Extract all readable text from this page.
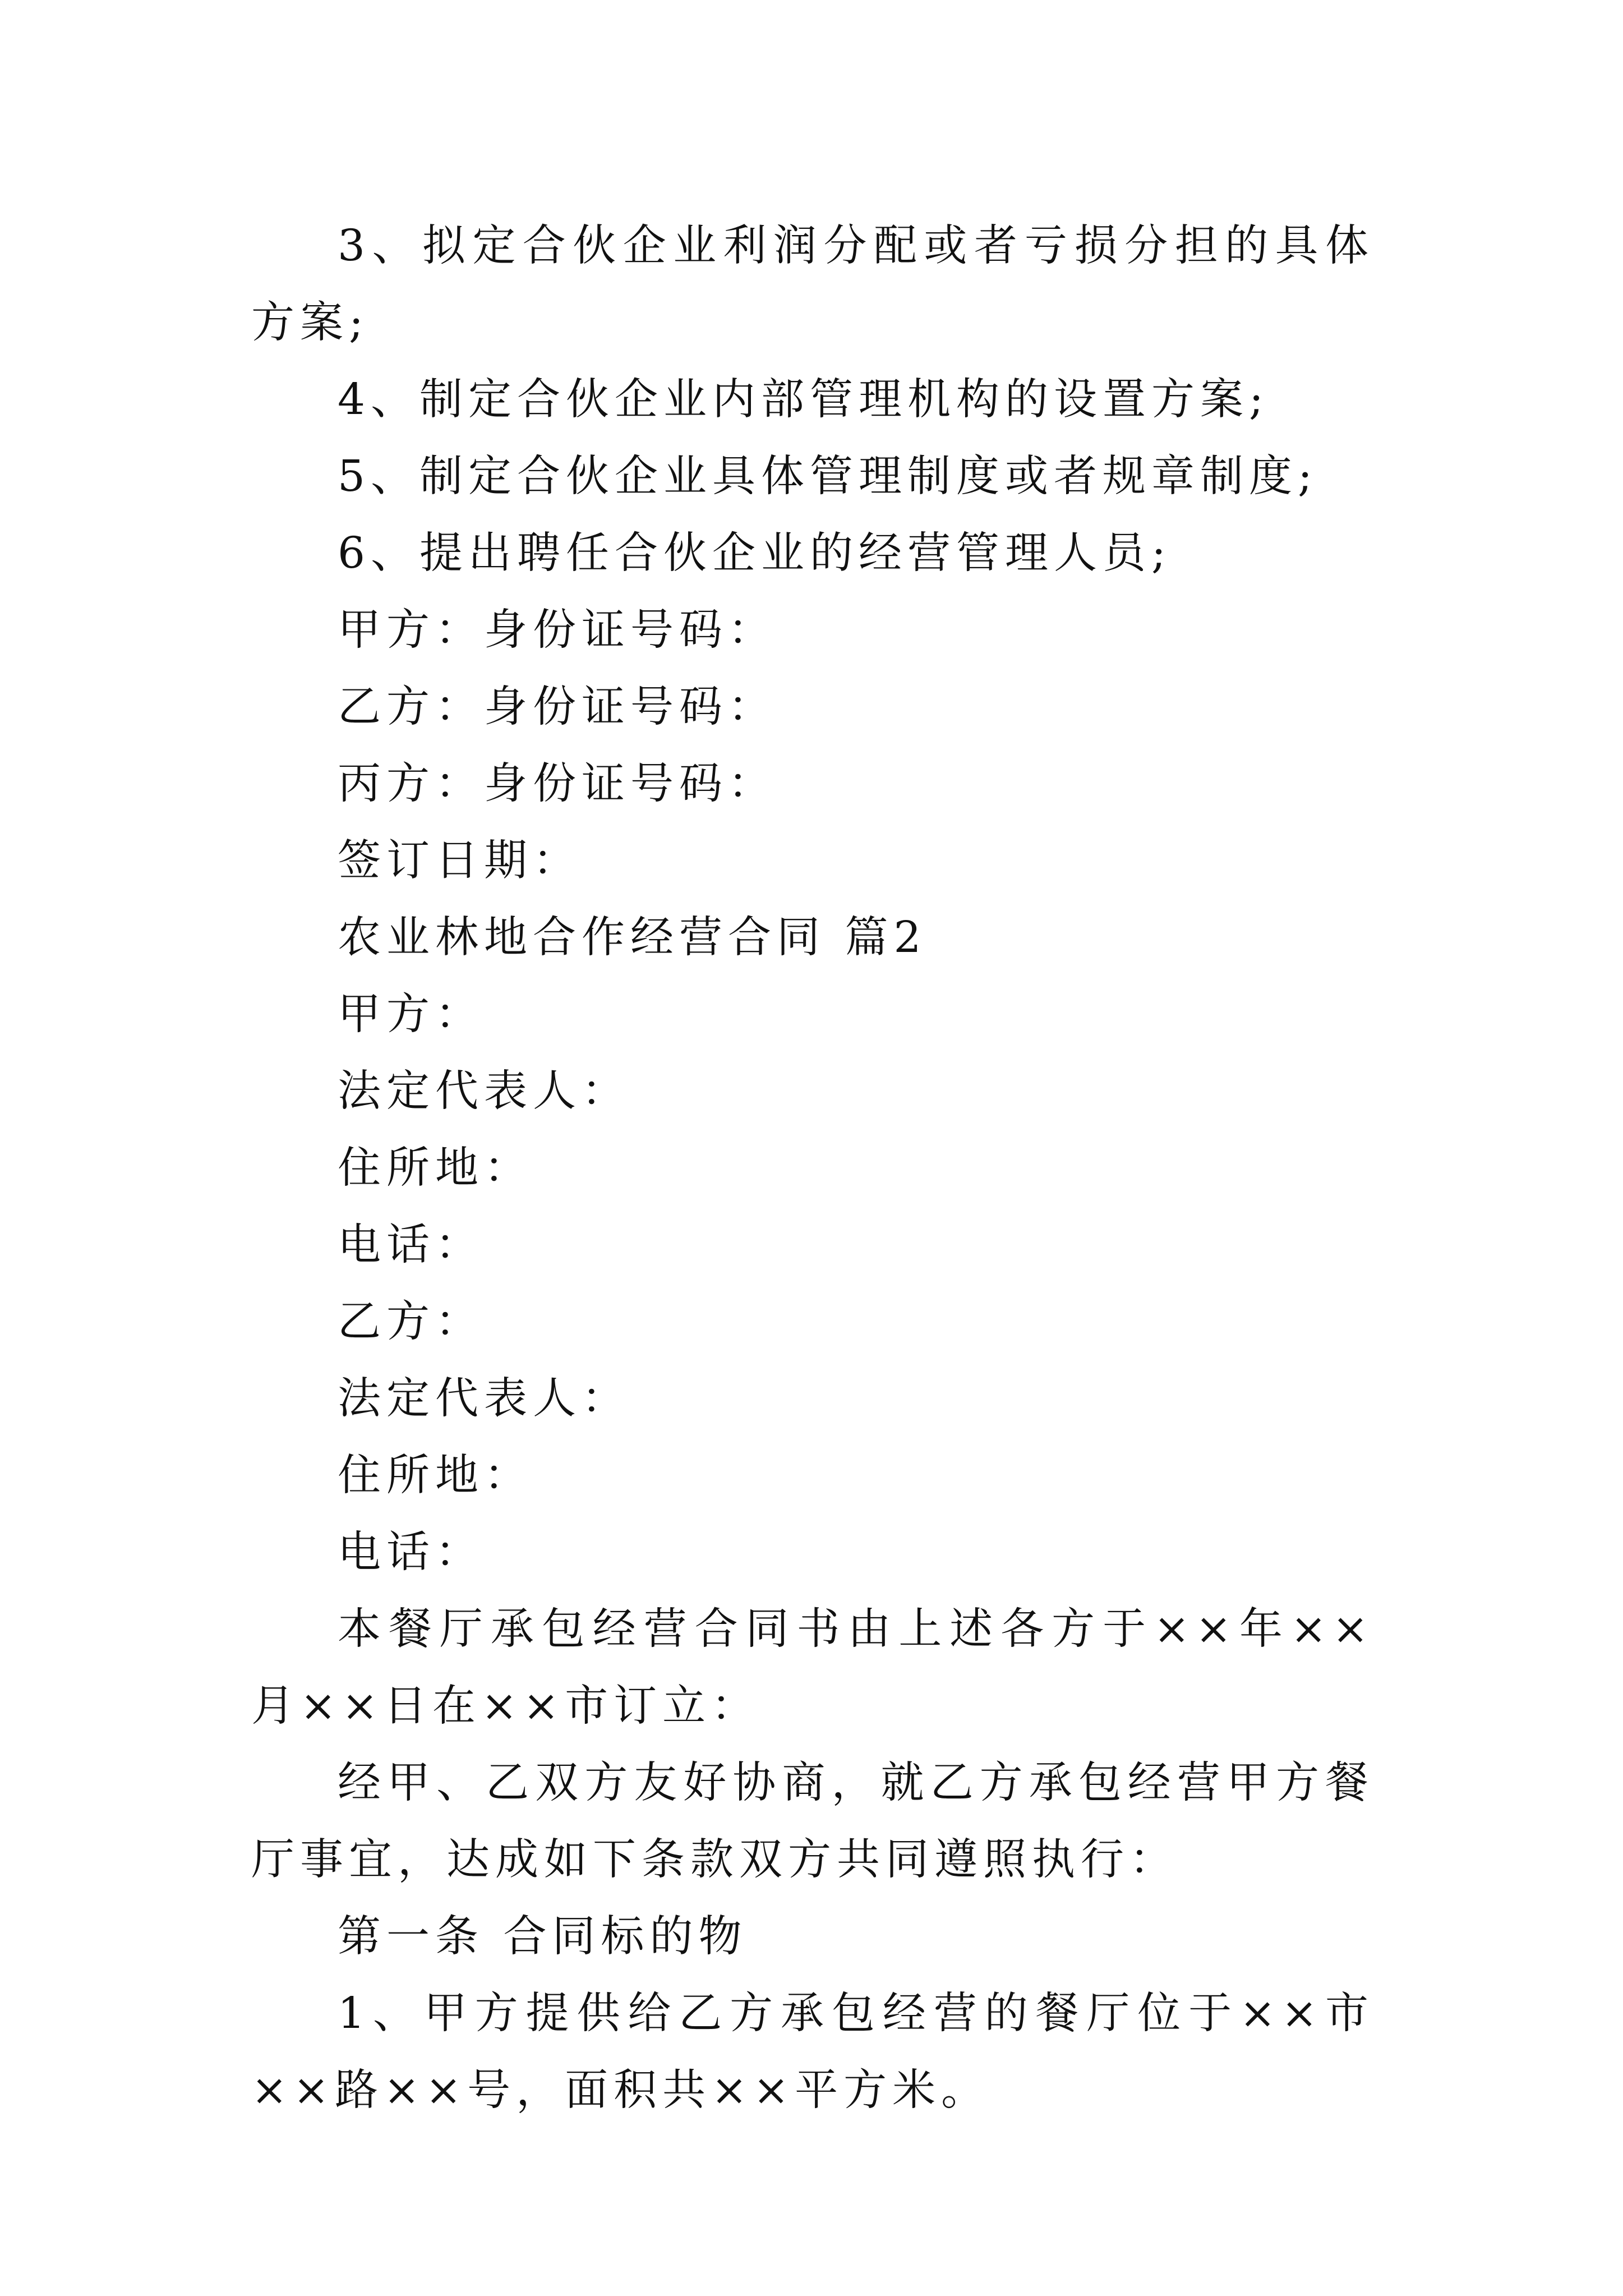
3、拟定合伙企业利润分配或者亏损分担的具体方案;

4、制定合伙企业内部管理机构的设置方案;

5、制定合伙企业具体管理制度或者规章制度;

6、提出聘任合伙企业的经营管理人员;

甲方：身份证号码：

乙方：身份证号码：

丙方：身份证号码：

签订日期：

农业林地合作经营合同 篇2

甲方：

法定代表人：

住所地：

电话：

乙方：

法定代表人：

住所地：

电话：

本餐厅承包经营合同书由上述各方于××年××月××日在××市订立：

经甲、乙双方友好协商，就乙方承包经营甲方餐厅事宜，达成如下条款双方共同遵照执行：

第一条 合同标的物

1、甲方提供给乙方承包经营的餐厅位于××市××路××号，面积共××平方米。
